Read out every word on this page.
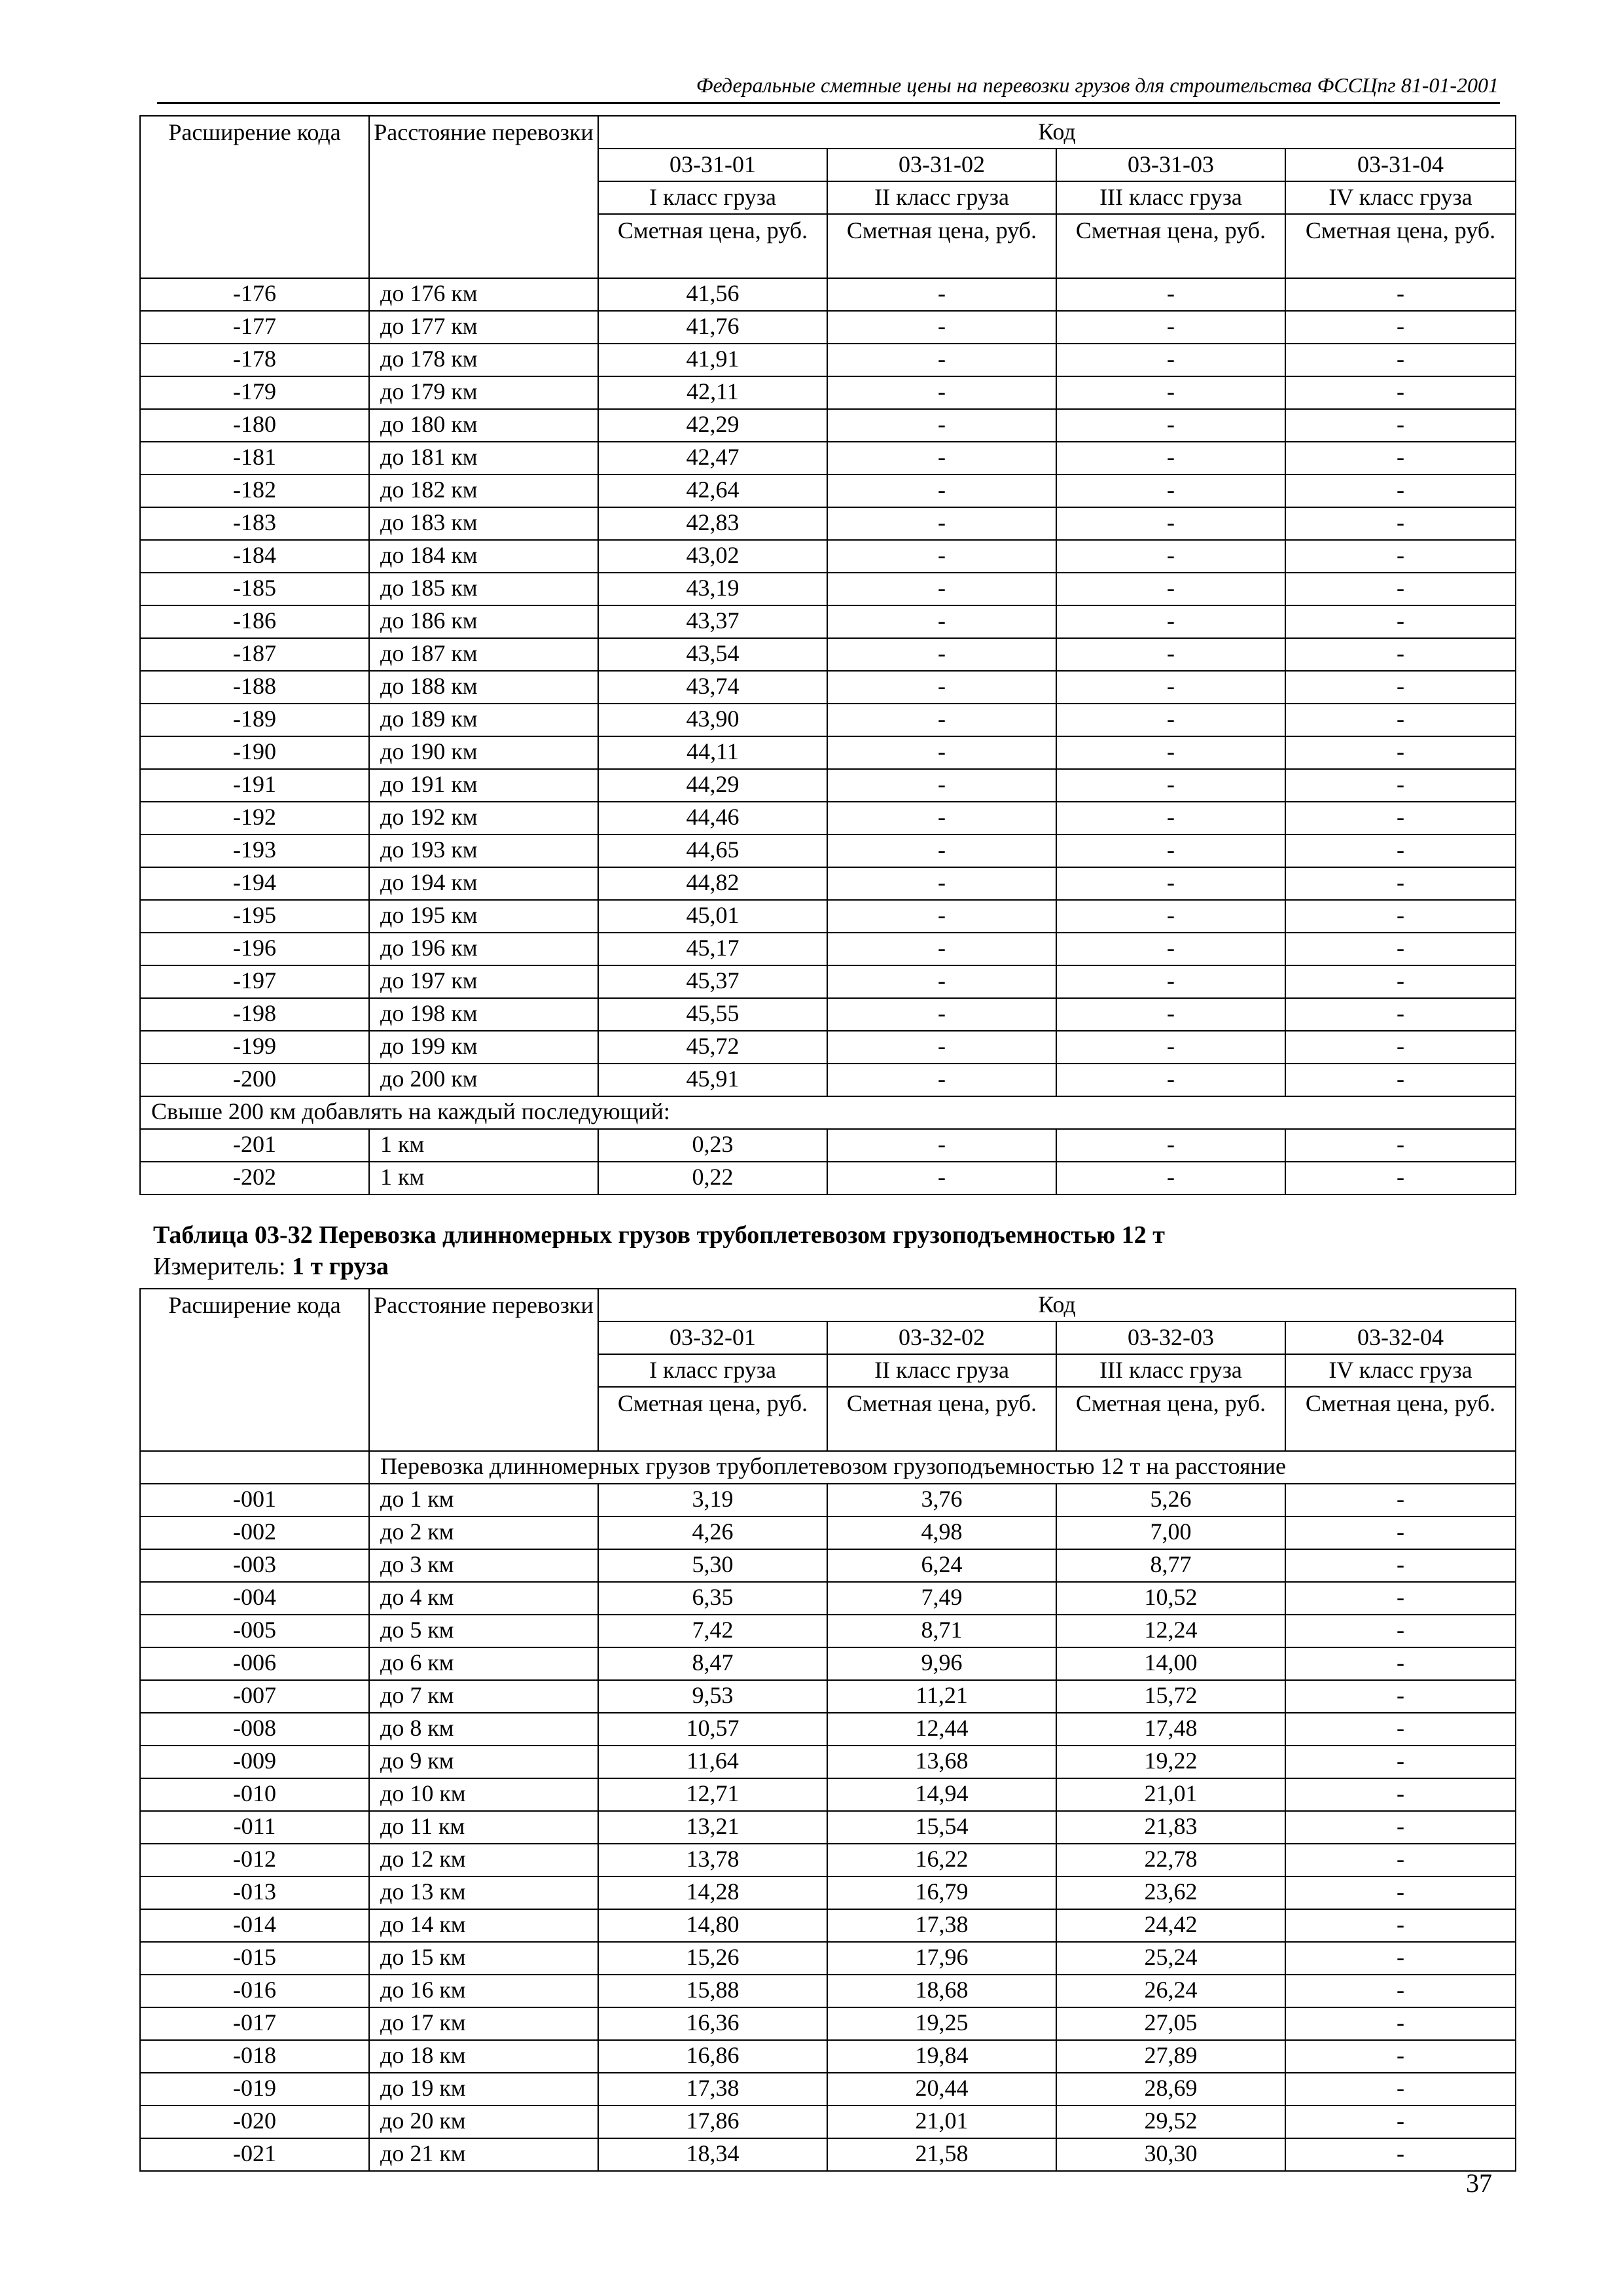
Федеральные сметные цены на перевозки грузов для строительства ФССЦпг 81-01-2001
Расширение кода	Расстояние перевозки	Код			
		03-31-01	03-31-02	03-31-03	03-31-04
		I класс груза	II класс груза	III класс груза	IV класс груза
		Сметная цена, руб.	Сметная цена, руб.	Сметная цена, руб.	Сметная цена, руб.
-176	до 176 км	41,56	-	-	-
-177	до 177 км	41,76	-	-	-
-178	до 178 км	41,91	-	-	-
-179	до 179 км	42,11	-	-	-
-180	до 180 км	42,29	-	-	-
-181	до 181 км	42,47	-	-	-
-182	до 182 км	42,64	-	-	-
-183	до 183 км	42,83	-	-	-
-184	до 184 км	43,02	-	-	-
-185	до 185 км	43,19	-	-	-
-186	до 186 км	43,37	-	-	-
-187	до 187 км	43,54	-	-	-
-188	до 188 км	43,74	-	-	-
-189	до 189 км	43,90	-	-	-
-190	до 190 км	44,11	-	-	-
-191	до 191 км	44,29	-	-	-
-192	до 192 км	44,46	-	-	-
-193	до 193 км	44,65	-	-	-
-194	до 194 км	44,82	-	-	-
-195	до 195 км	45,01	-	-	-
-196	до 196 км	45,17	-	-	-
-197	до 197 км	45,37	-	-	-
-198	до 198 км	45,55	-	-	-
-199	до 199 км	45,72	-	-	-
-200	до 200 км	45,91	-	-	-
Свыше 200 км добавлять на каждый последующий:					
-201	1 км	0,23	-	-	-
-202	1 км	0,22	-	-	-
Таблица 03-32 Перевозка длинномерных грузов трубоплетевозом грузоподъемностью 12 т
Измеритель: 1 т груза
Расширение кода	Расстояние перевозки	Код			
		03-32-01	03-32-02	03-32-03	03-32-04
		I класс груза	II класс груза	III класс груза	IV класс груза
		Сметная цена, руб.	Сметная цена, руб.	Сметная цена, руб.	Сметная цена, руб.
	Перевозка длинномерных грузов трубоплетевозом грузоподъемностью 12 т на расстояние				
-001	до 1 км	3,19	3,76	5,26	-
-002	до 2 км	4,26	4,98	7,00	-
-003	до 3 км	5,30	6,24	8,77	-
-004	до 4 км	6,35	7,49	10,52	-
-005	до 5 км	7,42	8,71	12,24	-
-006	до 6 км	8,47	9,96	14,00	-
-007	до 7 км	9,53	11,21	15,72	-
-008	до 8 км	10,57	12,44	17,48	-
-009	до 9 км	11,64	13,68	19,22	-
-010	до 10 км	12,71	14,94	21,01	-
-011	до 11 км	13,21	15,54	21,83	-
-012	до 12 км	13,78	16,22	22,78	-
-013	до 13 км	14,28	16,79	23,62	-
-014	до 14 км	14,80	17,38	24,42	-
-015	до 15 км	15,26	17,96	25,24	-
-016	до 16 км	15,88	18,68	26,24	-
-017	до 17 км	16,36	19,25	27,05	-
-018	до 18 км	16,86	19,84	27,89	-
-019	до 19 км	17,38	20,44	28,69	-
-020	до 20 км	17,86	21,01	29,52	-
-021	до 21 км	18,34	21,58	30,30	-
37
